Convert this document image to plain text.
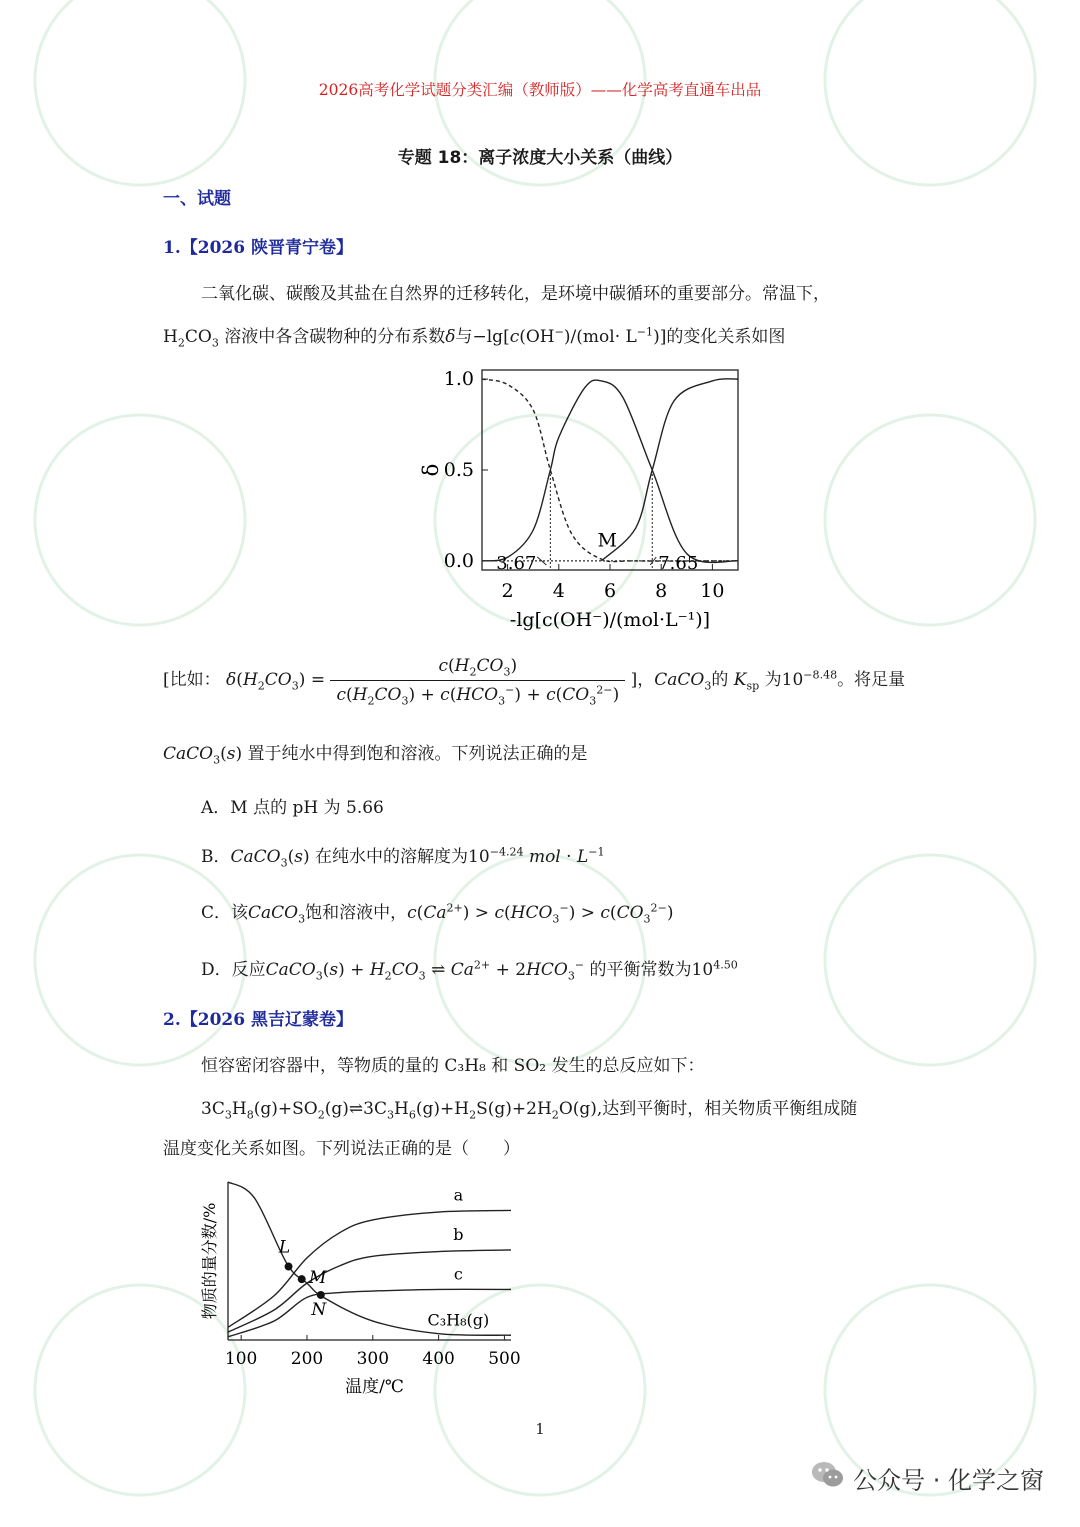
2026高考化学试题分类汇编（教师版）——化学高考直通车出品
专题 18：离子浓度大小关系（曲线）
一、试题
1.【2026 陕晋青宁卷】
二氧化碳、碳酸及其盐在自然界的迁移转化，是环境中碳循环的重要部分。常温下，
$H_2CO_3$ 溶液中各含碳物种的分布系数δ与$-\lg[c(OH^-)/(mol\cdot L^{-1})]$的变化关系如图
2 4 6 8 10
0.0
0.5
1.0
δ
-lg[c(OH⁻)/(mol·L⁻¹)]
3.67	7.65
M
[比如： $\delta(H_2CO_3) = \frac{c(H_2CO_3)}{c(H_2CO_3) + c(HCO_3^-) + c(CO_3^{2-})}$ ]，CaCO$_3$的 $K_{sp}$ 为$10^{-8.48}$。将足量
CaCO$_3$(s) 置于纯水中得到饱和溶液。下列说法正确的是
A．M 点的 pH 为 5.66
B．CaCO$_3$(s) 在纯水中的溶解度为$10^{-4.24}$ mol · $L^{-1}$
C．该CaCO$_3$饱和溶液中，$c(Ca^{2+}) > c(HCO_3^-) > c(CO_3^{2-})$
D．反应CaCO$_3$(s) + $H_2CO_3$ ⇌ $Ca^{2+} + 2HCO_3^-$ 的平衡常数为$10^{4.50}$
2.【2026 黑吉辽蒙卷】
恒容密闭容器中，等物质的量的 C₃H₈ 和 SO₂ 发生的总反应如下：
$3C_3H_8(g)+SO_2(g)\rightleftharpoons 3C_3H_6(g)+H_2S(g)+2H_2O(g)$,达到平衡时，相关物质平衡组成随
温度变化关系如图。下列说法正确的是（　　）
100 200 300 400 500
物质的量分数/%
温度/℃
a
b
c
C₃H₈(g)
L
M
N
1
公众号 · 化学之窗
